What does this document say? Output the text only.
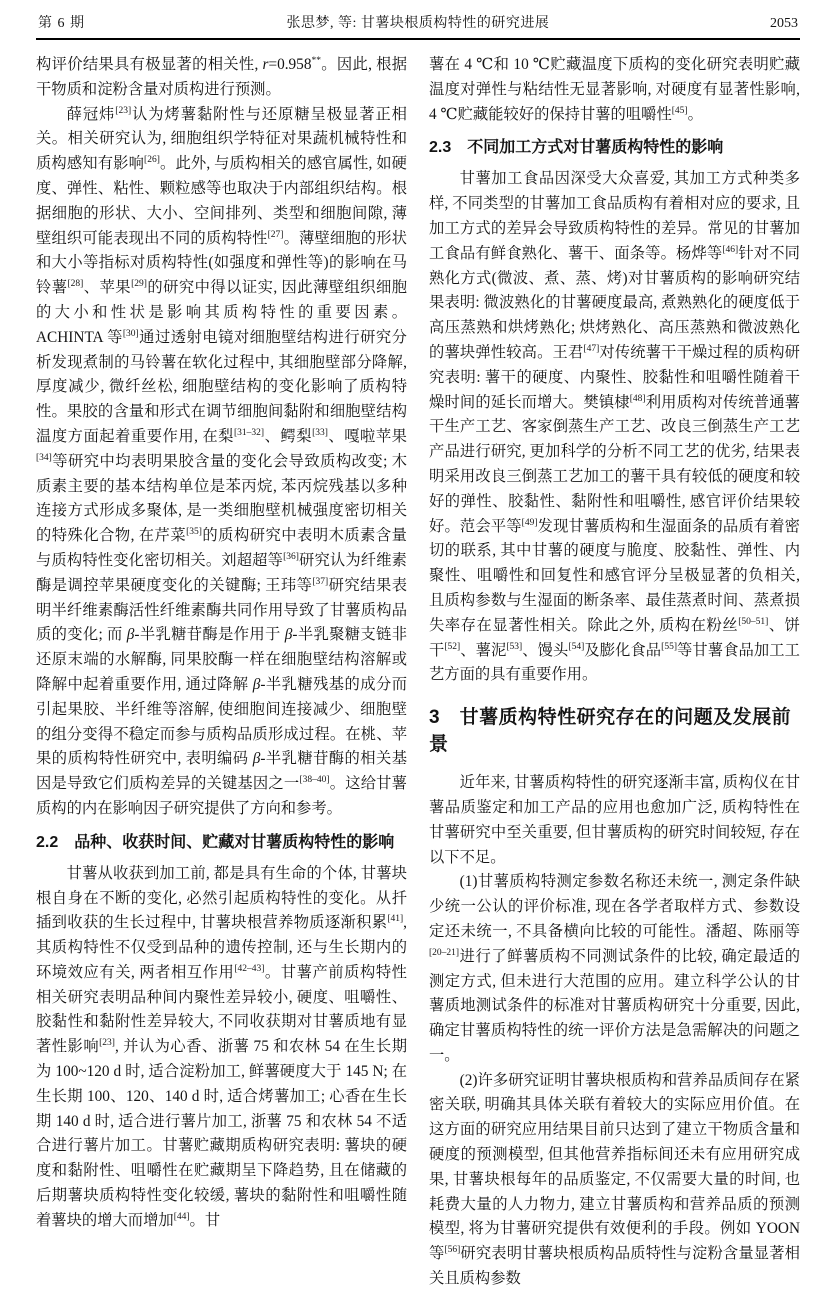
第 6 期	张思梦, 等: 甘薯块根质构特性的研究进展	2053
构评价结果具有极显著的相关性, r=0.958**。因此, 根据干物质和淀粉含量对质构进行预测。
薛冠炜[23]认为烤薯黏附性与还原糖呈极显著正相关。相关研究认为, 细胞组织学特征对果蔬机械特性和质构感知有影响[26]。此外, 与质构相关的感官属性, 如硬度、弹性、粘性、颗粒感等也取决于内部组织结构。根据细胞的形状、大小、空间排列、类型和细胞间隙, 薄壁组织可能表现出不同的质构特性[27]。薄壁细胞的形状和大小等指标对质构特性(如强度和弹性等)的影响在马铃薯[28]、苹果[29]的研究中得以证实, 因此薄壁组织细胞的大小和性状是影响其质构特性的重要因素。ACHINTA 等[30]通过透射电镜对细胞壁结构进行研究分析发现煮制的马铃薯在软化过程中, 其细胞壁部分降解, 厚度减少, 微纤丝松, 细胞壁结构的变化影响了质构特性。果胶的含量和形式在调节细胞间黏附和细胞壁结构温度方面起着重要作用, 在梨[31–32]、鳄梨[33]、嘎啦苹果[34]等研究中均表明果胶含量的变化会导致质构改变; 木质素主要的基本结构单位是苯丙烷, 苯丙烷残基以多种连接方式形成多聚体, 是一类细胞壁机械强度密切相关的特殊化合物, 在芹菜[35]的质构研究中表明木质素含量与质构特性变化密切相关。刘超超等[36]研究认为纤维素酶是调控苹果硬度变化的关键酶; 王玮等[37]研究结果表明半纤维素酶活性纤维素酶共同作用导致了甘薯质构品质的变化; 而 β-半乳糖苷酶是作用于 β-半乳聚糖支链非还原末端的水解酶, 同果胶酶一样在细胞壁结构溶解或降解中起着重要作用, 通过降解 β-半乳糖残基的成分而引起果胶、半纤维等溶解, 使细胞间连接减少、细胞壁的组分变得不稳定而参与质构品质形成过程。在桃、苹果的质构特性研究中, 表明编码 β-半乳糖苷酶的相关基因是导致它们质构差异的关键基因之一[38–40]。这给甘薯质构的内在影响因子研究提供了方向和参考。
2.2　品种、收获时间、贮藏对甘薯质构特性的影响
甘薯从收获到加工前, 都是具有生命的个体, 甘薯块根自身在不断的变化, 必然引起质构特性的变化。从扦插到收获的生长过程中, 甘薯块根营养物质逐渐积累[41], 其质构特性不仅受到品种的遗传控制, 还与生长期内的环境效应有关, 两者相互作用[42–43]。甘薯产前质构特性相关研究表明品种间内聚性差异较小, 硬度、咀嚼性、胶黏性和黏附性差异较大, 不同收获期对甘薯质地有显著性影响[23], 并认为心香、浙薯 75 和农林 54 在生长期为 100~120 d 时, 适合淀粉加工, 鲜薯硬度大于 145 N; 在生长期 100、120、140 d 时, 适合烤薯加工; 心香在生长期 140 d 时, 适合进行薯片加工, 浙薯 75 和农林 54 不适合进行薯片加工。甘薯贮藏期质构研究表明: 薯块的硬度和黏附性、咀嚼性在贮藏期呈下降趋势, 且在储藏的后期薯块质构特性变化较缓, 薯块的黏附性和咀嚼性随着薯块的增大而增加[44]。甘
薯在 4 ℃和 10 ℃贮藏温度下质构的变化研究表明贮藏温度对弹性与粘结性无显著影响, 对硬度有显著性影响, 4 ℃贮藏能较好的保持甘薯的咀嚼性[45]。
2.3　不同加工方式对甘薯质构特性的影响
甘薯加工食品因深受大众喜爱, 其加工方式种类多样, 不同类型的甘薯加工食品质构有着相对应的要求, 且加工方式的差异会导致质构特性的差异。常见的甘薯加工食品有鲜食熟化、薯干、面条等。杨烨等[46]针对不同熟化方式(微波、煮、蒸、烤)对甘薯质构的影响研究结果表明: 微波熟化的甘薯硬度最高, 煮熟熟化的硬度低于高压蒸熟和烘烤熟化; 烘烤熟化、高压蒸熟和微波熟化的薯块弹性较高。王君[47]对传统薯干干燥过程的质构研究表明: 薯干的硬度、内聚性、胶黏性和咀嚼性随着干燥时间的延长而增大。樊镇棣[48]利用质构对传统普通薯干生产工艺、客家倒蒸生产工艺、改良三倒蒸生产工艺产品进行研究, 更加科学的分析不同工艺的优劣, 结果表明采用改良三倒蒸工艺加工的薯干具有较低的硬度和较好的弹性、胶黏性、黏附性和咀嚼性, 感官评价结果较好。范会平等[49]发现甘薯质构和生湿面条的品质有着密切的联系, 其中甘薯的硬度与脆度、胶黏性、弹性、内聚性、咀嚼性和回复性和感官评分呈极显著的负相关, 且质构参数与生湿面的断条率、最佳蒸煮时间、蒸煮损失率存在显著性相关。除此之外, 质构在粉丝[50–51]、饼干[52]、薯泥[53]、馒头[54]及膨化食品[55]等甘薯食品加工工艺方面的具有重要作用。
3　甘薯质构特性研究存在的问题及发展前景
近年来, 甘薯质构特性的研究逐渐丰富, 质构仪在甘薯品质鉴定和加工产品的应用也愈加广泛, 质构特性在甘薯研究中至关重要, 但甘薯质构的研究时间较短, 存在以下不足。
(1)甘薯质构特测定参数名称还未统一, 测定条件缺少统一公认的评价标准, 现在各学者取样方式、参数设定还未统一, 不具备横向比较的可能性。潘超、陈丽等[20–21]进行了鲜薯质构不同测试条件的比较, 确定最适的测定方式, 但未进行大范围的应用。建立科学公认的甘薯质地测试条件的标准对甘薯质构研究十分重要, 因此, 确定甘薯质构特性的统一评价方法是急需解决的问题之一。
(2)许多研究证明甘薯块根质构和营养品质间存在紧密关联, 明确其具体关联有着较大的实际应用价值。在这方面的研究应用结果目前只达到了建立干物质含量和硬度的预测模型, 但其他营养指标间还未有应用研究成果, 甘薯块根每年的品质鉴定, 不仅需要大量的时间, 也耗费大量的人力物力, 建立甘薯质构和营养品质的预测模型, 将为甘薯研究提供有效便利的手段。例如 YOON 等[56]研究表明甘薯块根质构品质特性与淀粉含量显著相关且质构参数
